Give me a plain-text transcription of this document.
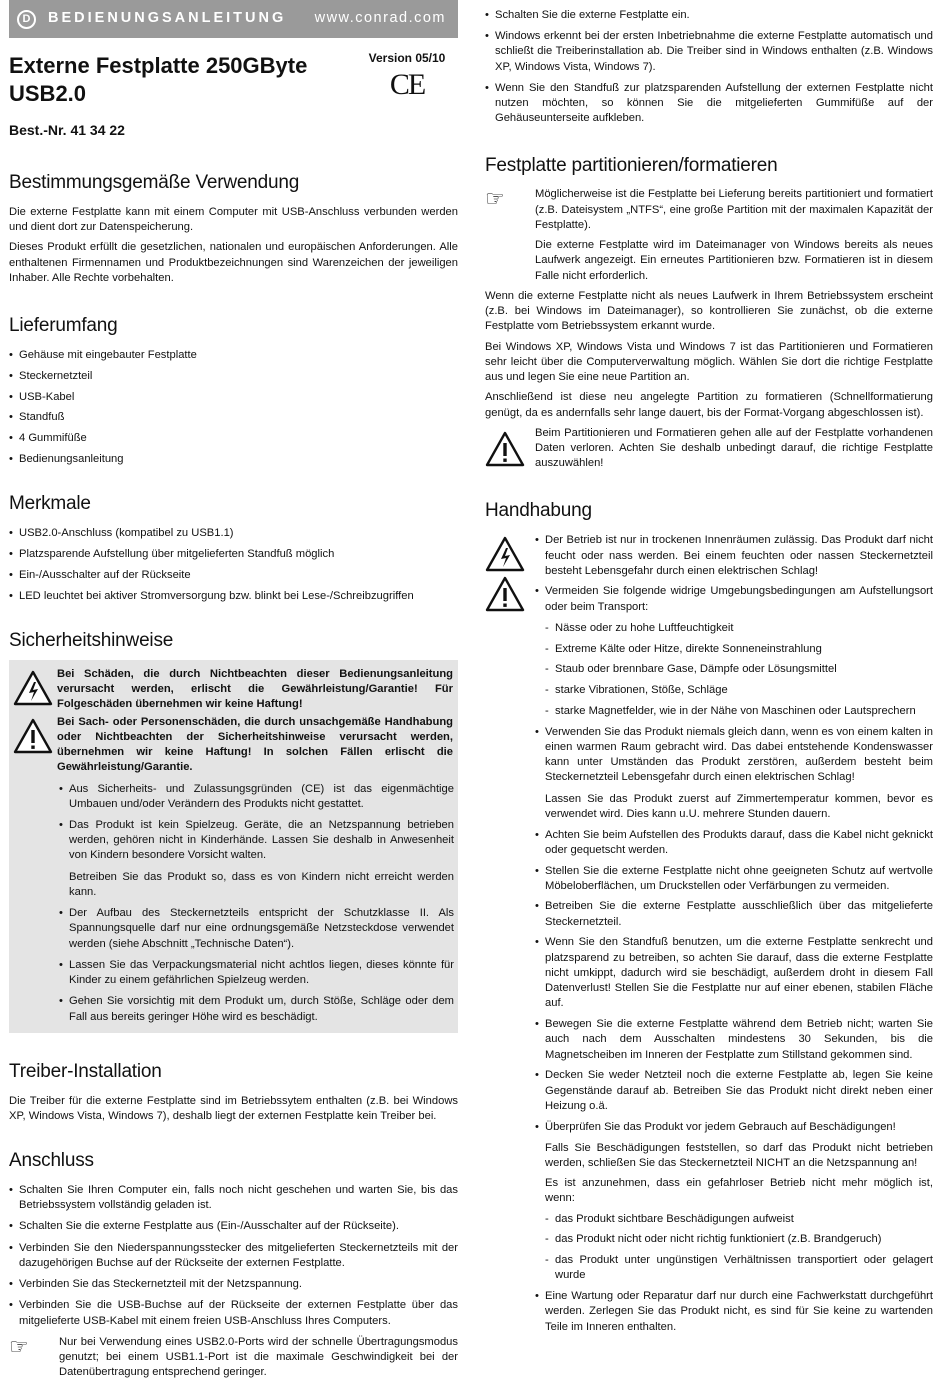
D	BEDIENUNGSANLEITUNG www.conrad.com
Externe Festplatte 250GByte
USB2.0
Version 05/10
CE
Best.-Nr. 41 34 22
Bestimmungsgemäße Verwendung

Die externe Festplatte kann mit einem Computer mit USB-Anschluss verbunden werden und dient dort zur Datenspeicherung.

Dieses Produkt erfüllt die gesetzlichen, nationalen und europäischen Anforderungen. Alle enthaltenen Firmennamen und Produktbezeichnungen sind Warenzeichen der jeweiligen Inhaber. Alle Rechte vorbehalten.

Lieferumfang
• Gehäuse mit eingebauter Festplatte
• Steckernetzteil
• USB-Kabel
• Standfuß
• 4 Gummifüße
• Bedienungsanleitung
Merkmale
• USB2.0-Anschluss (kompatibel zu USB1.1)
• Platzsparende Aufstellung über mitgelieferten Standfuß möglich
• Ein-/Ausschalter auf der Rückseite
• LED leuchtet bei aktiver Stromversorgung bzw. blinkt bei Lese-/Schreibzugriffen
Sicherheitshinweise
Bei Schäden, die durch Nichtbeachten dieser Bedienungsanleitung verursacht werden, erlischt die Gewährleistung/Garantie! Für Folgeschäden übernehmen wir keine Haftung!
Bei Sach- oder Personenschäden, die durch unsachgemäße Handhabung oder Nichtbeachten der Sicherheitshinweise verursacht werden, übernehmen wir keine Haftung! In solchen Fällen erlischt die Gewährleistung/Garantie.
• Aus Sicherheits- und Zulassungsgründen (CE) ist das eigenmächtige Umbauen und/oder Verändern des Produkts nicht gestattet.
• Das Produkt ist kein Spielzeug. Geräte, die an Netzspannung betrieben werden, gehören nicht in Kinderhände. Lassen Sie deshalb in Anwesenheit von Kindern besondere Vorsicht walten.

Betreiben Sie das Produkt so, dass es von Kindern nicht erreicht werden kann.

• Der Aufbau des Steckernetzteils entspricht der Schutzklasse II. Als Spannungsquelle darf nur eine ordnungsgemäße Netzsteckdose verwendet werden (siehe Abschnitt „Technische Daten“).
• Lassen Sie das Verpackungsmaterial nicht achtlos liegen, dieses könnte für Kinder zu einem gefährlichen Spielzeug werden.
• Gehen Sie vorsichtig mit dem Produkt um, durch Stöße, Schläge oder dem Fall aus bereits geringer Höhe wird es beschädigt.
Treiber-Installation

Die Treiber für die externe Festplatte sind im Betriebssytem enthalten (z.B. bei Windows XP, Windows Vista, Windows 7), deshalb liegt der externen Festplatte kein Treiber bei.

Anschluss
• Schalten Sie Ihren Computer ein, falls noch nicht geschehen und warten Sie, bis das Betriebssystem vollständig geladen ist.
• Schalten Sie die externe Festplatte aus (Ein-/Ausschalter auf der Rückseite).
• Verbinden Sie den Niederspannungsstecker des mitgelieferten Steckernetzteils mit der dazugehörigen Buchse auf der Rückseite der externen Festplatte.
• Verbinden Sie das Steckernetzteil mit der Netzspannung.
• Verbinden Sie die USB-Buchse auf der Rückseite der externen Festplatte über das mitgelieferte USB-Kabel mit einem freien USB-Anschluss Ihres Computers.
☞	Nur bei Verwendung eines USB2.0-Ports wird der schnelle Übertragungsmodus genutzt; bei einem USB1.1-Port ist die maximale Geschwindigkeit bei der Datenübertragung entsprechend geringer.

• Schalten Sie die externe Festplatte ein.
• Windows erkennt bei der ersten Inbetriebnahme die externe Festplatte automatisch und schließt die Treiberinstallation ab. Die Treiber sind in Windows enthalten (z.B. Windows XP, Windows Vista, Windows 7).
• Wenn Sie den Standfuß zur platzsparenden Aufstellung der externen Festplatte nicht nutzen möchten, so können Sie die mitgelieferten Gummifüße auf der Gehäuseunterseite aufkleben.
Festplatte partitionieren/formatieren
☞	Möglicherweise ist die Festplatte bei Lieferung bereits partitioniert und formatiert (z.B. Dateisystem „NTFS“, eine große Partition mit der maximalen Kapazität der Festplatte).

Die externe Festplatte wird im Dateimanager von Windows bereits als neues Laufwerk angezeigt. Ein erneutes Partitionieren bzw. Formatieren ist in diesem Falle nicht erforderlich.

Wenn die externe Festplatte nicht als neues Laufwerk in Ihrem Betriebssystem erscheint (z.B. bei Windows im Dateimanager), so kontrollieren Sie zunächst, ob die externe Festplatte vom Betriebssystem erkannt wurde.

Bei Windows XP, Windows Vista und Windows 7 ist das Partitionieren und Formatieren sehr leicht über die Computerverwaltung möglich. Wählen Sie dort die richtige Festplatte aus und legen Sie eine neue Partition an.

Anschließend ist diese neu angelegte Partition zu formatieren (Schnellformatierung genügt, da es andernfalls sehr lange dauert, bis der Format-Vorgang abgeschlossen ist).

Beim Partitionieren und Formatieren gehen alle auf der Festplatte vorhandenen Daten verloren. Achten Sie deshalb unbedingt darauf, die richtige Festplatte auszuwählen!

Handhabung
• Der Betrieb ist nur in trockenen Innenräumen zulässig. Das Produkt darf nicht feucht oder nass werden. Bei einem feuchten oder nassen Steckernetzteil besteht Lebensgefahr durch einen elektrischen Schlag!
• Vermeiden Sie folgende widrige Umgebungsbedingungen am Aufstellungsort oder beim Transport:
- Nässe oder zu hohe Luftfeuchtigkeit
- Extreme Kälte oder Hitze, direkte Sonneneinstrahlung
- Staub oder brennbare Gase, Dämpfe oder Lösungsmittel
- starke Vibrationen, Stöße, Schläge
- starke Magnetfelder, wie in der Nähe von Maschinen oder Lautsprechern
• Verwenden Sie das Produkt niemals gleich dann, wenn es von einem kalten in einen warmen Raum gebracht wird. Das dabei entstehende Kondenswasser kann unter Umständen das Produkt zerstören, außerdem besteht beim Steckernetzteil Lebensgefahr durch einen elektrischen Schlag!

Lassen Sie das Produkt zuerst auf Zimmertemperatur kommen, bevor es verwendet wird. Dies kann u.U. mehrere Stunden dauern.

• Achten Sie beim Aufstellen des Produkts darauf, dass die Kabel nicht geknickt oder gequetscht werden.
• Stellen Sie die externe Festplatte nicht ohne geeigneten Schutz auf wertvolle Möbeloberflächen, um Druckstellen oder Verfärbungen zu vermeiden.
• Betreiben Sie die externe Festplatte ausschließlich über das mitgelieferte Steckernetzteil.
• Wenn Sie den Standfuß benutzen, um die externe Festplatte senkrecht und platzsparend zu betreiben, so achten Sie darauf, dass die externe Festplatte nicht umkippt, dadurch wird sie beschädigt, außerdem droht in diesem Fall Datenverlust! Stellen Sie die Festplatte nur auf einer ebenen, stabilen Fläche auf.
• Bewegen Sie die externe Festplatte während dem Betrieb nicht; warten Sie auch nach dem Ausschalten mindestens 30 Sekunden, bis die Magnetscheiben im Inneren der Festplatte zum Stillstand gekommen sind.
• Decken Sie weder Netzteil noch die externe Festplatte ab, legen Sie keine Gegenstände darauf ab. Betreiben Sie das Produkt nicht direkt neben einer Heizung o.ä.
• Überprüfen Sie das Produkt vor jedem Gebrauch auf Beschädigungen!

Falls Sie Beschädigungen feststellen, so darf das Produkt nicht betrieben werden, schließen Sie das Steckernetzteil NICHT an die Netzspannung an!

Es ist anzunehmen, dass ein gefahrloser Betrieb nicht mehr möglich ist, wenn:

- das Produkt sichtbare Beschädigungen aufweist
- das Produkt nicht oder nicht richtig funktioniert (z.B. Brandgeruch)
- das Produkt unter ungünstigen Verhältnissen transportiert oder gelagert wurde
• Eine Wartung oder Reparatur darf nur durch eine Fachwerkstatt durchgeführt werden. Zerlegen Sie das Produkt nicht, es sind für Sie keine zu wartenden Teile im Inneren enthalten.
